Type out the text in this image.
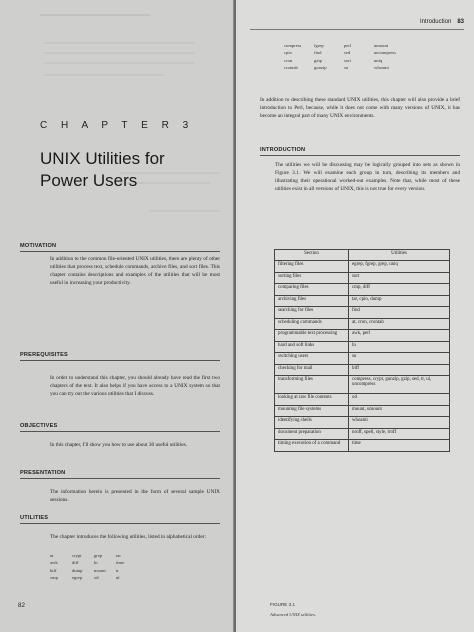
C H A P T E R 3
UNIX Utilities for Power Users
MOTIVATION
In addition to the common file-oriented UNIX utilities, there are plenty of other utilities that process text, schedule commands, archive files, and sort files. This chapter contains descriptions and examples of the utilities that will be most useful in increasing your productivity.
PREREQUISITES
In order to understand this chapter, you should already have read the first two chapters of the text. It also helps if you have access to a UNIX system so that you can try out the various utilities that I discuss.
OBJECTIVES
In this chapter, I'll show you how to use about 30 useful utilities.
PRESENTATION
The information herein is presented in the form of several sample UNIX sessions.
UTILITIES
The chapter introduces the following utilities, listed in alphabetical order:
at	crypt	grep	tar
awk	diff	ln	time
biff	dump	mount	tr
cmp	egrep	od	ul
82
Introduction 83
compress	fgrep	perl	umount
cpio	find	sed	uncompress
cron	gzip	sort	uniq
crontab	gunzip	su	whoami
In addition to describing these standard UNIX utilities, this chapter will also provide a brief introduction to Perl, because, while it does not come with many versions of UNIX, it has become an integral part of many UNIX environments.
INTRODUCTION
The utilities we will be discussing may be logically grouped into sets as shown in Figure 3.1. We will examine each group in turn, describing its members and illustrating their operational worked-out examples. Note that, while most of these utilities exist in all versions of UNIX, this is not true for every version.
Section	Utilities
filtering files	egrep, fgrep, grep, uniq
sorting files	sort
comparing files	cmp, diff
archiving files	tar, cpio, dump
searching for files	find
scheduling commands	at, cron, crontab
programmable text processing	awk, perl
hard and soft links	ln
switching users	su
checking for mail	biff
transforming files	compress, crypt, gunzip, gzip, sed, tr, ul, uncompress
looking at raw file contents	od
mounting file systems	mount, umount
identifying shells	whoami
document preparation	nroff, spell, style, troff
timing execution of a command	time
FIGURE 3.1
Advanced UNIX utilities.
